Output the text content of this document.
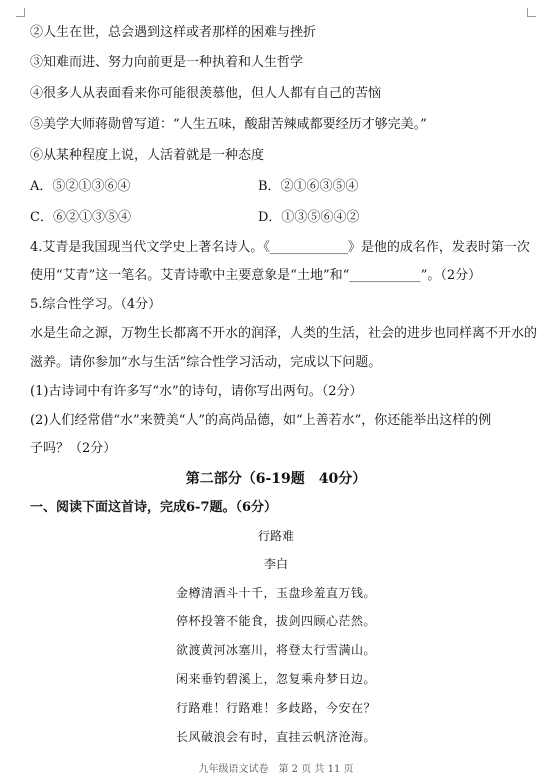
②人生在世，总会遇到这样或者那样的困难与挫折
③知难而进、努力向前更是一种执着和人生哲学
④很多人从表面看来你可能很羡慕他，但人人都有自己的苦恼
⑤美学大师蒋勋曾写道：“人生五味，酸甜苦辣咸都要经历才够完美。”
⑥从某种程度上说，人活着就是一种态度
A．⑤②①③⑥④	B．②①⑥③⑤④
C．⑥②①③⑤④	D．①③⑤⑥④②
4.艾青是我国现当代文学史上著名诗人。《____________》是他的成名作，发表时第一次
使用“艾青”这一笔名。艾青诗歌中主要意象是“土地”和“___________”。（2分）
5.综合性学习。（4分）
水是生命之源，万物生长都离不开水的润泽，人类的生活，社会的进步也同样离不开水的
滋养。请你参加“水与生活”综合性学习活动，完成以下问题。
(1)古诗词中有许多写“水”的诗句，请你写出两句。（2分）
(2)人们经常借“水”来赞美“人”的高尚品德，如“上善若水”，你还能举出这样的例
子吗？（2分）
第二部分（6-19题　40分）
一、阅读下面这首诗，完成6-7题。（6分）
行路难
李白
金樽清酒斗十千，玉盘珍羞直万钱。
停杯投箸不能食，拔剑四顾心茫然。
欲渡黄河冰塞川，将登太行雪满山。
闲来垂钓碧溪上，忽复乘舟梦日边。
行路难！行路难！多歧路，今安在？
长风破浪会有时，直挂云帆济沧海。
九年级语文试卷　第 2 页 共 11 页
